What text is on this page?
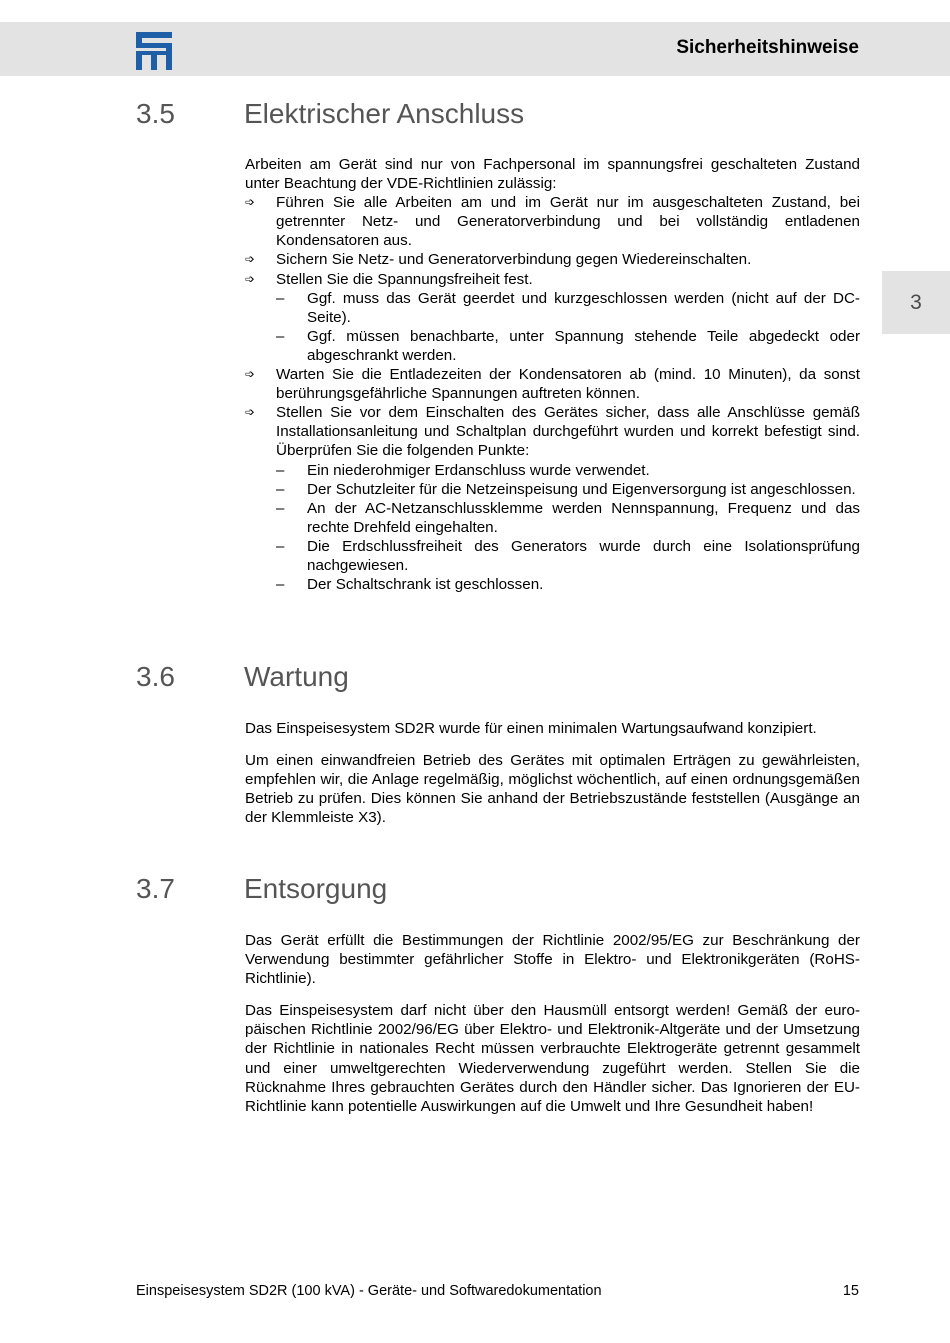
Sicherheitshinweise
3
3.5 Elektrischer Anschluss

Arbeiten am Gerät sind nur von Fachpersonal im spannungsfrei geschalteten Zustand unter Beachtung der VDE-Richtlinien zulässig:

➩ Führen Sie alle Arbeiten am und im Gerät nur im ausgeschalteten Zustand, bei getrennter Netz- und Generatorverbindung und bei vollständig entladenen Kondensatoren aus.
➩ Sichern Sie Netz- und Generatorverbindung gegen Wiedereinschalten.
➩ Stellen Sie die Spannungsfreiheit fest.
– Ggf. muss das Gerät geerdet und kurzgeschlossen werden (nicht auf der DC-Seite).
– Ggf. müssen benachbarte, unter Spannung stehende Teile abgedeckt oder abgeschrankt werden.
➩ Warten Sie die Entladezeiten der Kondensatoren ab (mind. 10 Minuten), da sonst berührungsgefährliche Spannungen auftreten können.
➩ Stellen Sie vor dem Einschalten des Gerätes sicher, dass alle Anschlüsse gemäß Installationsanleitung und Schaltplan durchgeführt wurden und korrekt befestigt sind. Überprüfen Sie die folgenden Punkte:
– Ein niederohmiger Erdanschluss wurde verwendet.
– Der Schutzleiter für die Netzeinspeisung und Eigenversorgung ist angeschlossen.
– An der AC-Netzanschlussklemme werden Nennspannung, Frequenz und das rechte Drehfeld eingehalten.
– Die Erdschlussfreiheit des Generators wurde durch eine Isolationsprüfung nachgewiesen.
– Der Schaltschrank ist geschlossen.
3.6 Wartung

Das Einspeisesystem SD2R wurde für einen minimalen Wartungsaufwand konzipiert.

Um einen einwandfreien Betrieb des Gerätes mit optimalen Erträgen zu gewährleisten, empfehlen wir, die Anlage regelmäßig, möglichst wöchentlich, auf einen ordnungsgemäßen Betrieb zu prüfen. Dies können Sie anhand der Betriebszustände feststellen (Ausgänge an der Klemmleiste X3).

3.7 Entsorgung

Das Gerät erfüllt die Bestimmungen der Richtlinie 2002/95/EG zur Beschränkung der Verwendung bestimmter gefährlicher Stoffe in Elektro- und Elektronikgeräten (RoHS-Richtlinie).

Das Einspeisesystem darf nicht über den Hausmüll entsorgt werden! Gemäß der europäischen Richtlinie 2002/96/EG über Elektro- und Elektronik-Altgeräte und der Umsetzung der Richtlinie in nationales Recht müssen verbrauchte Elektrogeräte getrennt gesammelt und einer umweltgerechten Wiederverwendung zugeführt werden. Stellen Sie die Rücknahme Ihres gebrauchten Gerätes durch den Händler sicher. Das Ignorieren der EU-Richtlinie kann potentielle Auswirkungen auf die Umwelt und Ihre Gesundheit haben!

Einspeisesystem SD2R (100 kVA) - Geräte- und Softwaredokumentation	15
